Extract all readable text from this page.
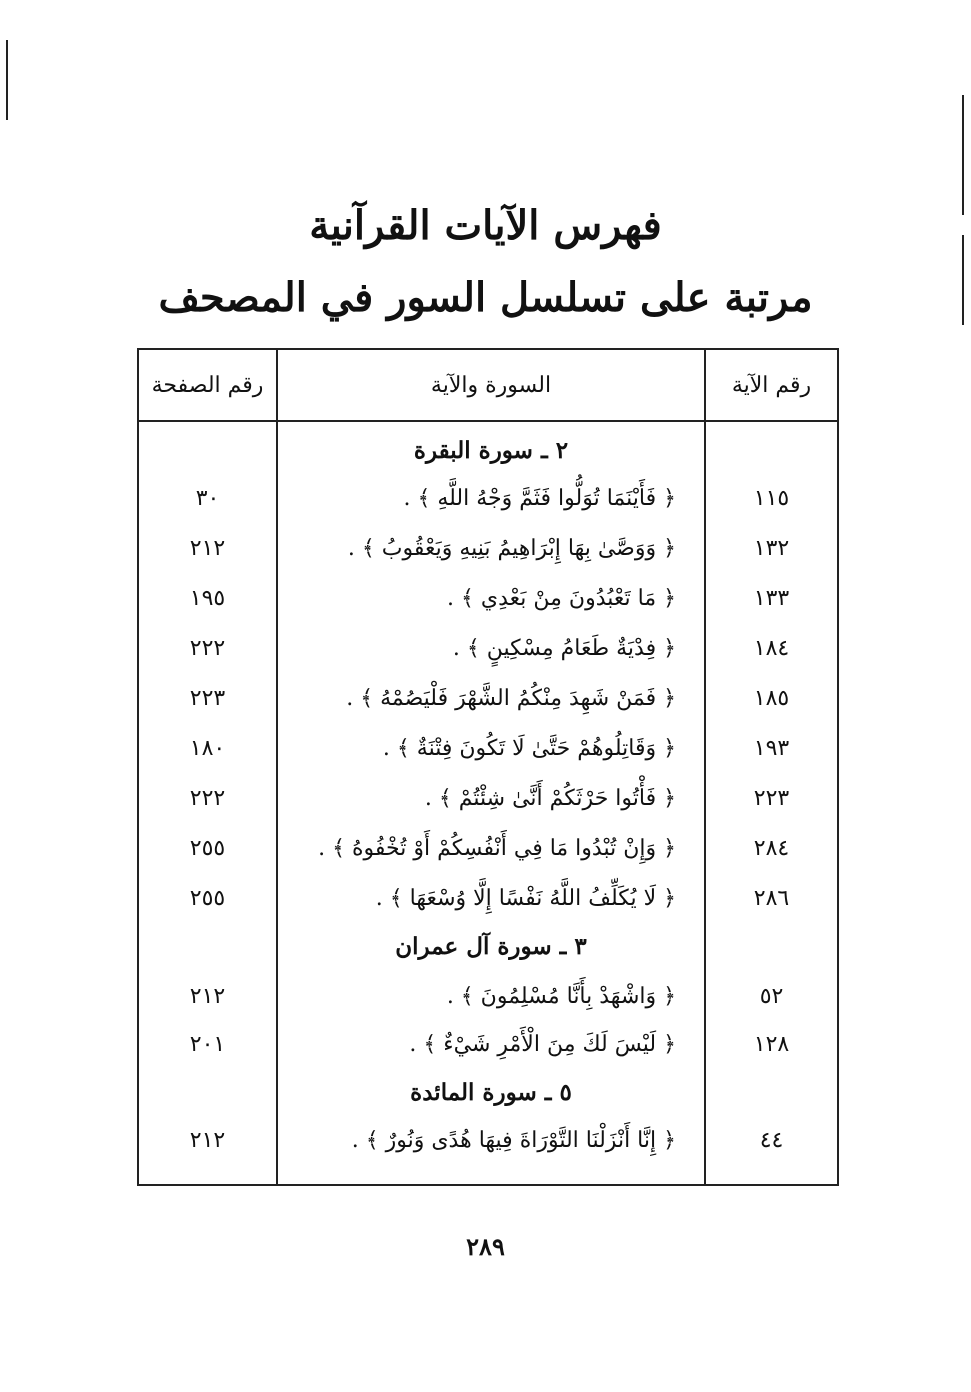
فهرس الآيات القرآنية
مرتبة على تسلسل السور في المصحف
رقم الآية
السورة والآية
رقم الصفحة
٢ ـ سورة البقرة
١١٥
﴿ فَأَيْنَمَا تُوَلُّوا فَثَمَّ وَجْهُ اللَّهِ ﴾ .
٣٠
١٣٢
﴿ وَوَصَّىٰ بِهَا إِبْرَاهِيمُ بَنِيهِ وَيَعْقُوبُ ﴾ .
٢١٢
١٣٣
﴿ مَا تَعْبُدُونَ مِنْ بَعْدِي ﴾ .
١٩٥
١٨٤
﴿ فِدْيَةٌ طَعَامُ مِسْكِينٍ ﴾ .
٢٢٢
١٨٥
﴿ فَمَنْ شَهِدَ مِنْكُمُ الشَّهْرَ فَلْيَصُمْهُ ﴾ .
٢٢٣
١٩٣
﴿ وَقَاتِلُوهُمْ حَتَّىٰ لَا تَكُونَ فِتْنَةٌ ﴾ .
١٨٠
٢٢٣
﴿ فَأْتُوا حَرْثَكُمْ أَنَّىٰ شِئْتُمْ ﴾ .
٢٢٢
٢٨٤
﴿ وَإِنْ تُبْدُوا مَا فِي أَنْفُسِكُمْ أَوْ تُخْفُوهُ ﴾ .
٢٥٥
٢٨٦
﴿ لَا يُكَلِّفُ اللَّهُ نَفْسًا إِلَّا وُسْعَهَا ﴾ .
٢٥٥
٣ ـ سورة آل عمران
٥٢
﴿ وَاشْهَدْ بِأَنَّا مُسْلِمُونَ ﴾ .
٢١٢
١٢٨
﴿ لَيْسَ لَكَ مِنَ الْأَمْرِ شَيْءٌ ﴾ .
٢٠١
٥ ـ سورة المائدة
٤٤
﴿ إِنَّا أَنْزَلْنَا التَّوْرَاةَ فِيهَا هُدًى وَنُورٌ ﴾ .
٢١٢
٢٨٩
